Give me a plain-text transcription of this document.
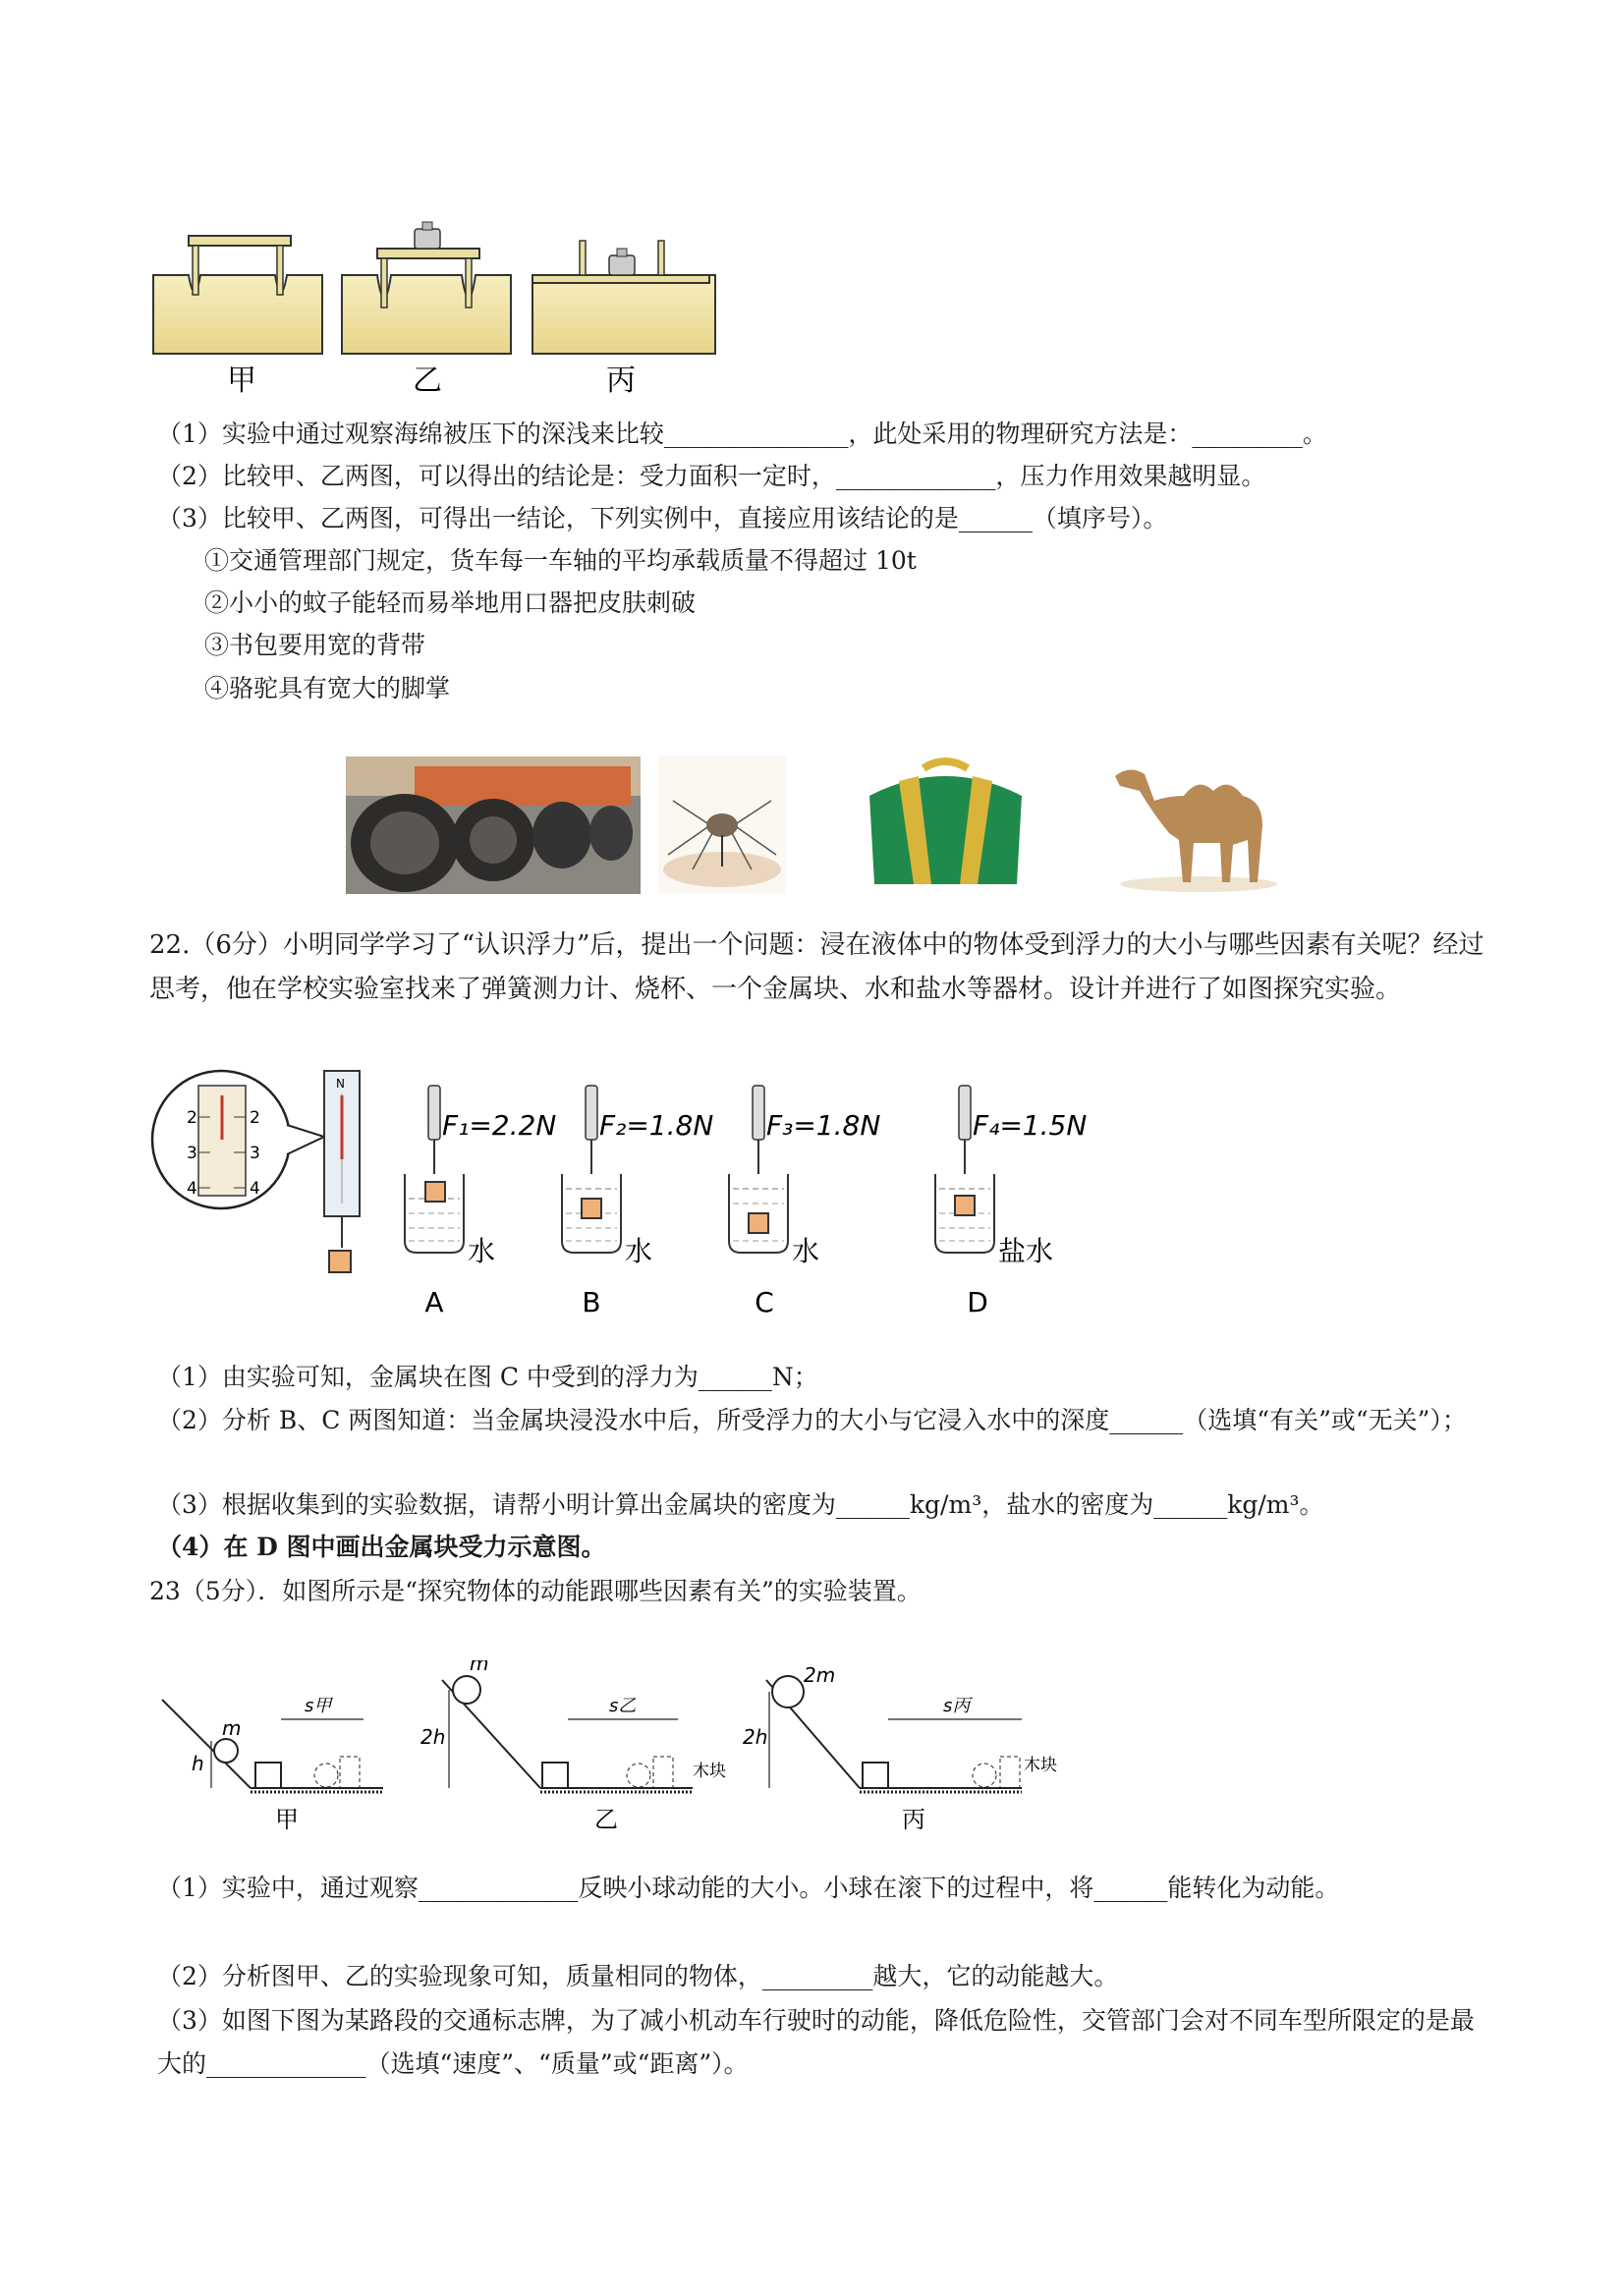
甲	乙	丙
（1）实验中通过观察海绵被压下的深浅来比较_______________，此处采用的物理研究方法是：_________。
（2）比较甲、乙两图，可以得出的结论是：受力面积一定时，_____________，压力作用效果越明显。
（3）比较甲、乙两图，可得出一结论，下列实例中，直接应用该结论的是______（填序号）。
①交通管理部门规定，货车每一车轴的平均承载质量不得超过 10t
②小小的蚊子能轻而易举地用口器把皮肤刺破
③书包要用宽的背带
④骆驼具有宽大的脚掌
22.（6分）小明同学学习了“认识浮力”后，提出一个问题：浸在液体中的物体受到浮力的大小与哪些因素有关呢？经过思考，他在学校实验室找来了弹簧测力计、烧杯、一个金属块、水和盐水等器材。设计并进行了如图探究实验。
2	2
3	3
4	4
N
F₁=2.2N F₂=1.8N F₃=1.8N	F₄=1.5N
水	水	水	盐水
A	B	C	D
（1）由实验可知，金属块在图 C 中受到的浮力为______N；
（2）分析 B、C 两图知道：当金属块浸没水中后，所受浮力的大小与它浸入水中的深度______（选填“有关”或“无关”）；
（3）根据收集到的实验数据，请帮小明计算出金属块的密度为______kg/m³，盐水的密度为______kg/m³。
（4）在 D 图中画出金属块受力示意图。
23（5分）．如图所示是“探究物体的动能跟哪些因素有关”的实验装置。
m
h
s甲
甲
m
2h
s乙
木块
乙
2m
2h
s丙
木块
丙
（1）实验中，通过观察_____________反映小球动能的大小。小球在滚下的过程中，将______能转化为动能。
（2）分析图甲、乙的实验现象可知，质量相同的物体，_________越大，它的动能越大。
（3）如图下图为某路段的交通标志牌，为了减小机动车行驶时的动能，降低危险性，交管部门会对不同车型所限定的是最大的_____________（选填“速度”、“质量”或“距离”）。
